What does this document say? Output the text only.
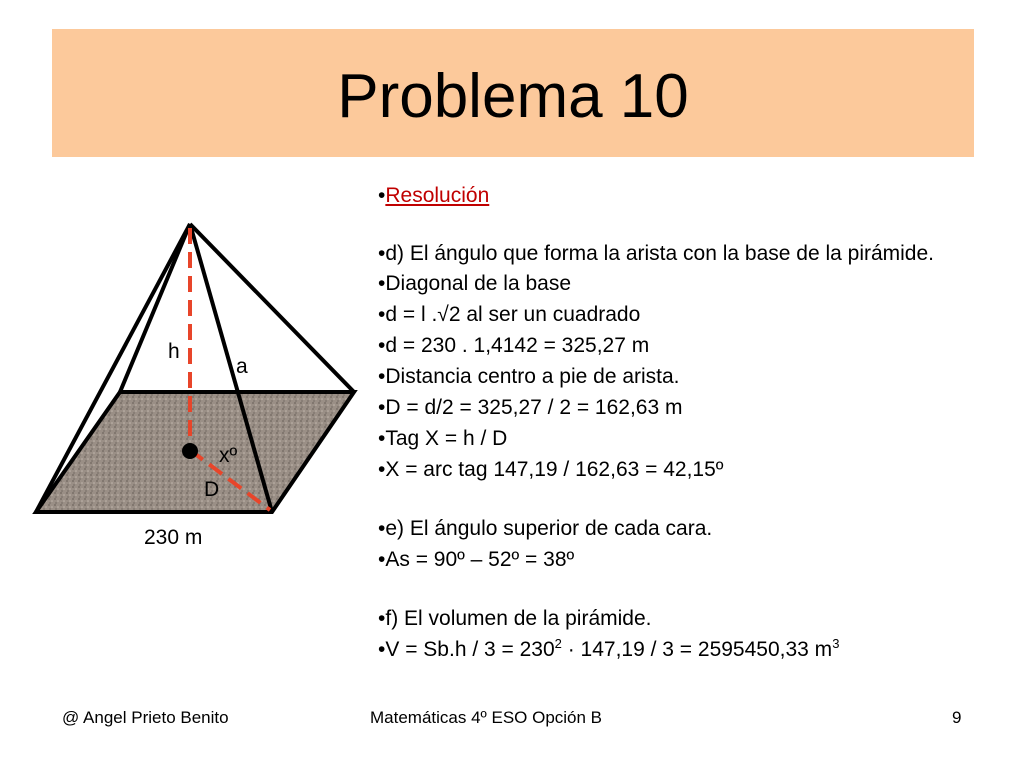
Problema 10
h
a
xº
D
230 m

•Resolución

•d) El ángulo que forma la arista con la base de la pirámide.

•Diagonal de la base

•d = l .√2 al ser un cuadrado

•d = 230 . 1,4142 = 325,27 m

•Distancia centro a pie de arista.

•D = d/2 = 325,27 / 2 = 162,63 m

•Tag X = h / D

•X = arc tag 147,19 / 162,63 = 42,15º

•e) El ángulo superior de cada cara.

•As = 90º – 52º = 38º

•f) El volumen de la pirámide.

•V = $Sb.h / 3 = 230^2 \cdot 147,19 / 3 = 2595450,33$ $m^3$

@ Angel Prieto Benito	Matemáticas 4º ESO Opción B	9
